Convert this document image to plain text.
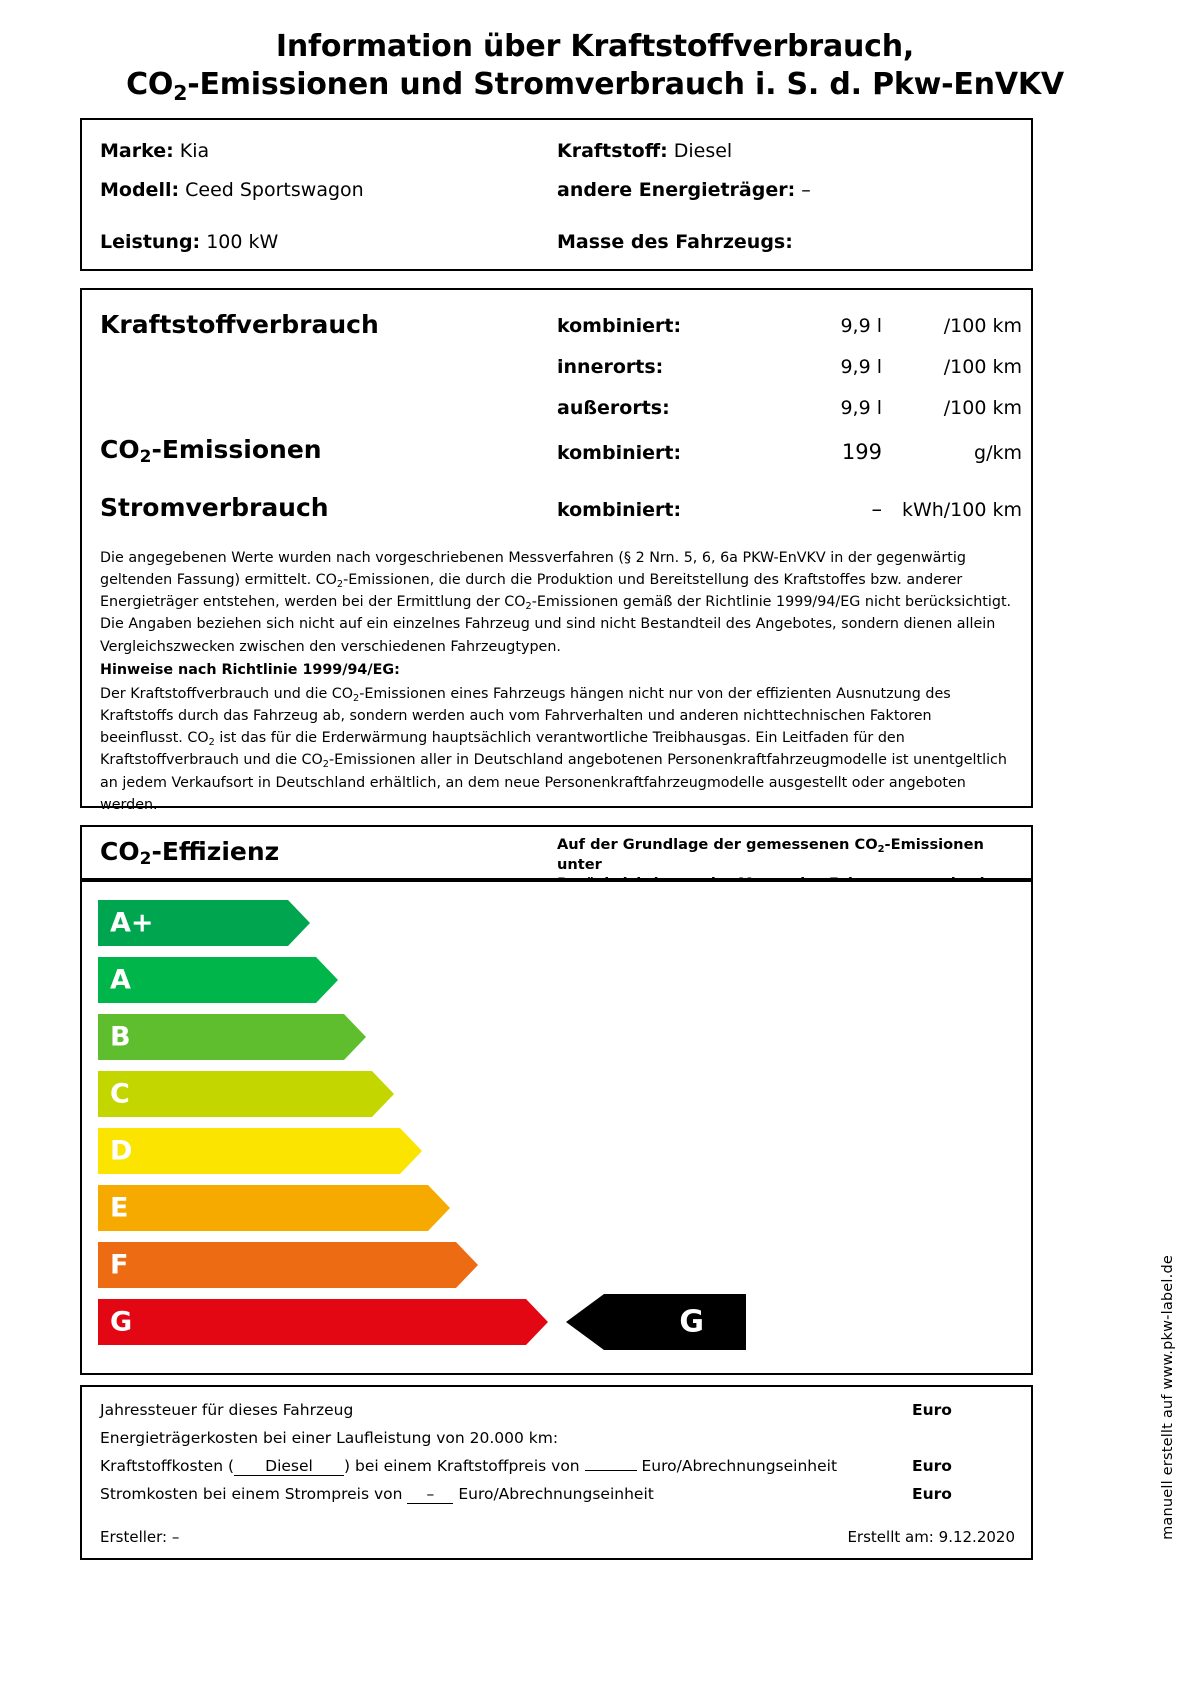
Information über Kraftstoffverbrauch,
$CO_2$-Emissionen und Stromverbrauch i. S. d. Pkw-EnVKV
Marke: Kia
Modell: Ceed Sportswagon
Leistung: 100 kW
Kraftstoff: Diesel
andere Energieträger: –
Masse des Fahrzeugs:
Kraftstoffverbrauch	kombiniert:	9,9 l	/100 km
innerorts:	9,9 l	/100 km
außerorts:	9,9 l	/100 km
$CO_2$-Emissionen	kombiniert:	199	g/km
Stromverbrauch	kombiniert:	–	kWh/100 km
Die angegebenen Werte wurden nach vorgeschriebenen Messverfahren (§ 2 Nrn. 5, 6, 6a PKW-EnVKV in der gegenwärtig geltenden Fassung) ermittelt. $CO_2$-Emissionen, die durch die Produktion und Bereitstellung des Kraftstoffes bzw. anderer Energieträger entstehen, werden bei der Ermittlung der $CO_2$-Emissionen gemäß der Richtlinie 1999/94/EG nicht berücksichtigt. Die Angaben beziehen sich nicht auf ein einzelnes Fahrzeug und sind nicht Bestandteil des Angebotes, sondern dienen allein Vergleichszwecken zwischen den verschiedenen Fahrzeugtypen.
Hinweise nach Richtlinie 1999/94/EG:
Der Kraftstoffverbrauch und die $CO_2$-Emissionen eines Fahrzeugs hängen nicht nur von der effizienten Ausnutzung des Kraftstoffs durch das Fahrzeug ab, sondern werden auch vom Fahrverhalten und anderen nichttechnischen Faktoren beeinflusst. $CO_2$ ist das für die Erderwärmung hauptsächlich verantwortliche Treibhausgas. Ein Leitfaden für den Kraftstoffverbrauch und die $CO_2$-Emissionen aller in Deutschland angebotenen Personenkraftfahrzeugmodelle ist unentgeltlich an jedem Verkaufsort in Deutschland erhältlich, an dem neue Personenkraftfahrzeugmodelle ausgestellt oder angeboten werden.
$CO_2$-Effizienz	Auf der Grundlage der gemessenen $CO_2$-Emissionen unter
A+
A
B
C
D
E
F
G	G
Jahressteuer für dieses Fahrzeug	Euro
Energieträgerkosten bei einer Laufleistung von 20.000 km:
Kraftstoffkosten ( Diesel ) bei einem Kraftstoffpreis von	Euro/Abrechnungseinheit	Euro
Stromkosten bei einem Strompreis von – Euro/Abrechnungseinheit	Euro
Ersteller: –	Erstellt am: 9.12.2020	manuell erstellt auf www.pkw-label.de
